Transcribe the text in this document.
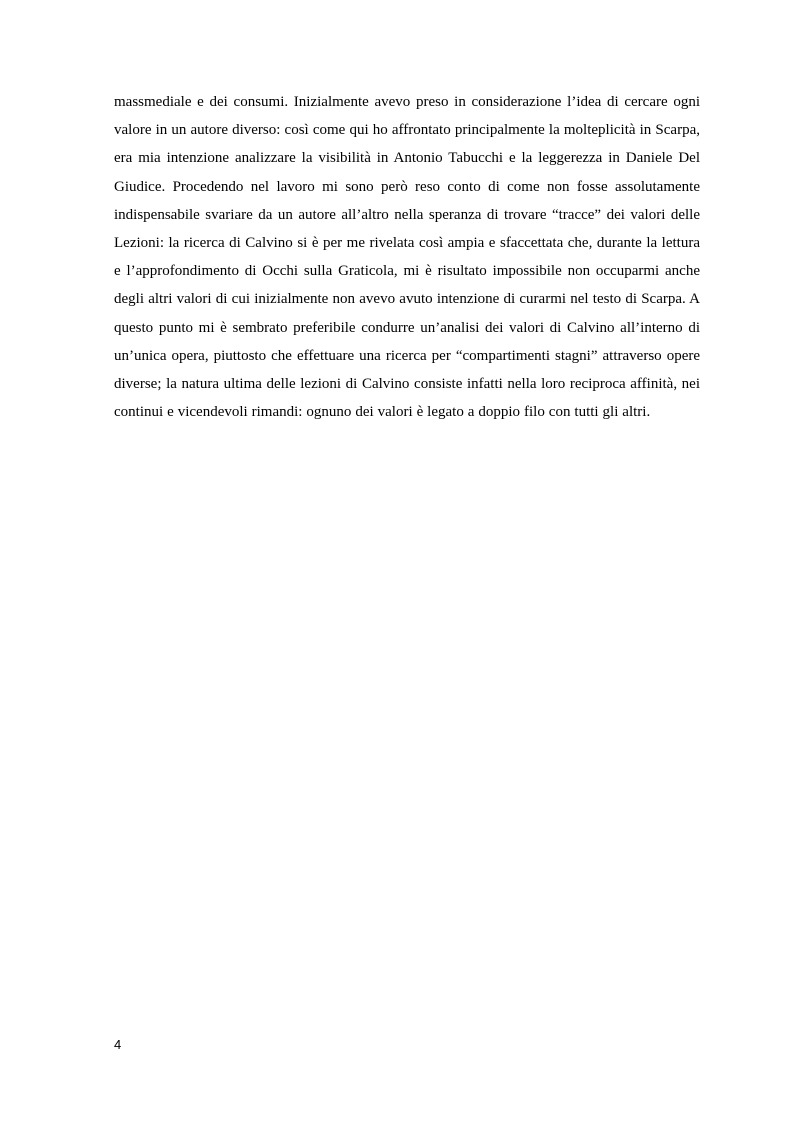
massmediale e dei consumi. Inizialmente avevo preso in considerazione l’idea di cercare ogni valore in un autore diverso: così come qui ho affrontato principalmente la molteplicità in Scarpa, era mia intenzione analizzare la visibilità in Antonio Tabucchi e la leggerezza in Daniele Del Giudice. Procedendo nel lavoro mi sono però reso conto di come non fosse assolutamente indispensabile svariare da un autore all’altro nella speranza di trovare “tracce” dei valori delle Lezioni: la ricerca di Calvino si è per me rivelata così ampia e sfaccettata che, durante la lettura e l’approfondimento di Occhi sulla Graticola, mi è risultato impossibile non occuparmi anche degli altri valori di cui inizialmente non avevo avuto intenzione di curarmi nel testo di Scarpa. A questo punto mi è sembrato preferibile condurre un’analisi dei valori di Calvino all’interno di un’unica opera, piuttosto che effettuare una ricerca per “compartimenti stagni” attraverso opere diverse; la natura ultima delle lezioni di Calvino consiste infatti nella loro reciproca affinità, nei continui e vicendevoli rimandi: ognuno dei valori è legato a doppio filo con tutti gli altri.

4
